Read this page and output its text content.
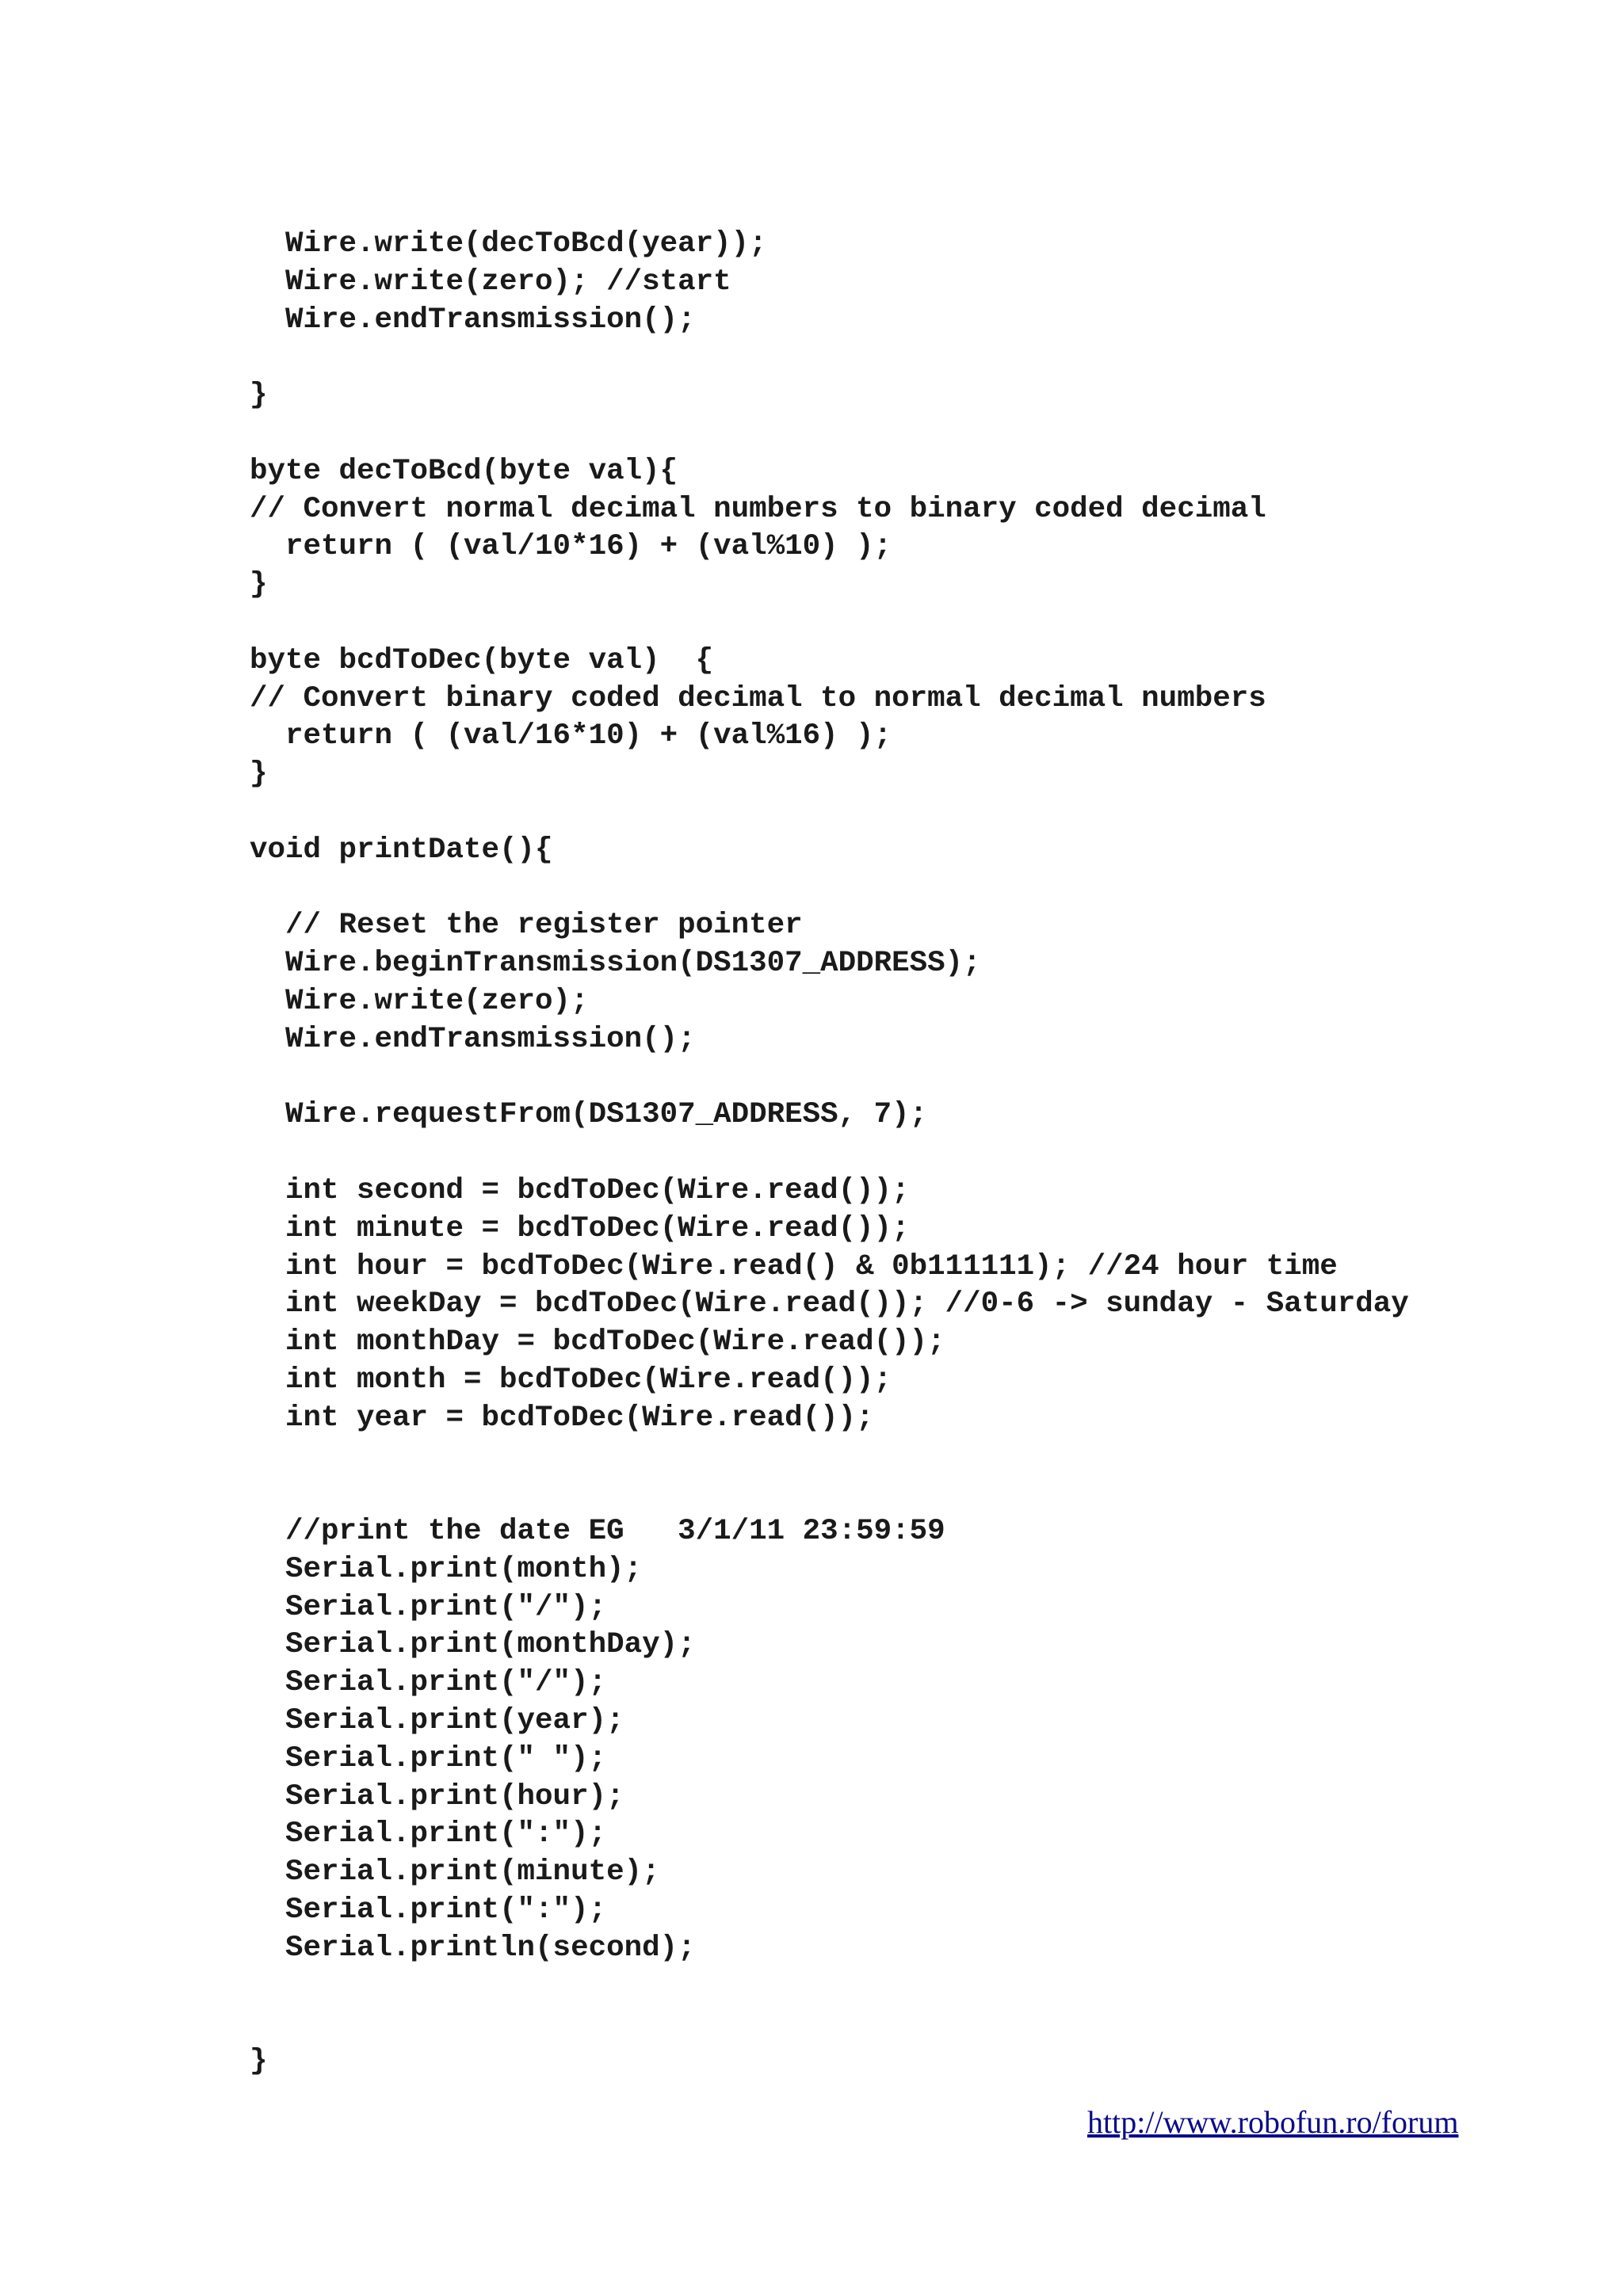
Wire.write(decToBcd(year));
Wire.write(zero); //start
Wire.endTransmission();
}
byte decToBcd(byte val){
// Convert normal decimal numbers to binary coded decimal
return ( (val/10*16) + (val%10) );
}
byte bcdToDec(byte val)  {
// Convert binary coded decimal to normal decimal numbers
return ( (val/16*10) + (val%16) );
}
void printDate(){
// Reset the register pointer
Wire.beginTransmission(DS1307_ADDRESS);
Wire.write(zero);
Wire.endTransmission();
Wire.requestFrom(DS1307_ADDRESS, 7);
int second = bcdToDec(Wire.read());
int minute = bcdToDec(Wire.read());
int hour = bcdToDec(Wire.read() & 0b111111); //24 hour time
int weekDay = bcdToDec(Wire.read()); //0-6 -> sunday - Saturday
int monthDay = bcdToDec(Wire.read());
int month = bcdToDec(Wire.read());
int year = bcdToDec(Wire.read());
//print the date EG   3/1/11 23:59:59
Serial.print(month);
Serial.print("/");
Serial.print(monthDay);
Serial.print("/");
Serial.print(year);
Serial.print(" ");
Serial.print(hour);
Serial.print(":");
Serial.print(minute);
Serial.print(":");
Serial.println(second);
}
http://www.robofun.ro/forum
